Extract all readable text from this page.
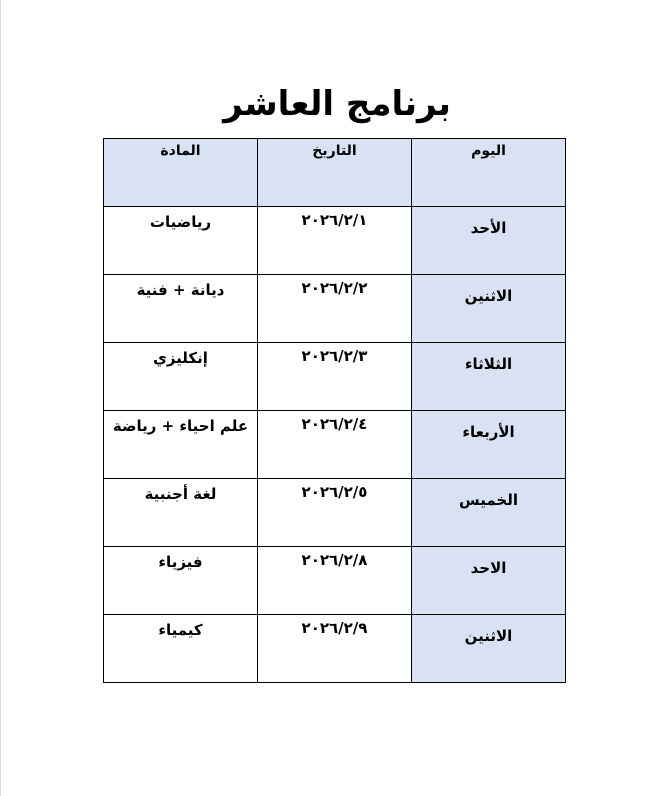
برنامج العاشر
اليوم	التاريخ	المادة
الأحد	٢٠٢٦/٢/١	رياضيات
الاثنين	٢٠٢٦/٢/٢	ديانة + فنية
الثلاثاء	٢٠٢٦/٢/٣	إنكليزي
الأربعاء	٢٠٢٦/٢/٤	علم احياء + رياضة
الخميس	٢٠٢٦/٢/٥	لغة أجنبية
الاحد	٢٠٢٦/٢/٨	فيزياء
الاثنين	٢٠٢٦/٢/٩	كيمياء
